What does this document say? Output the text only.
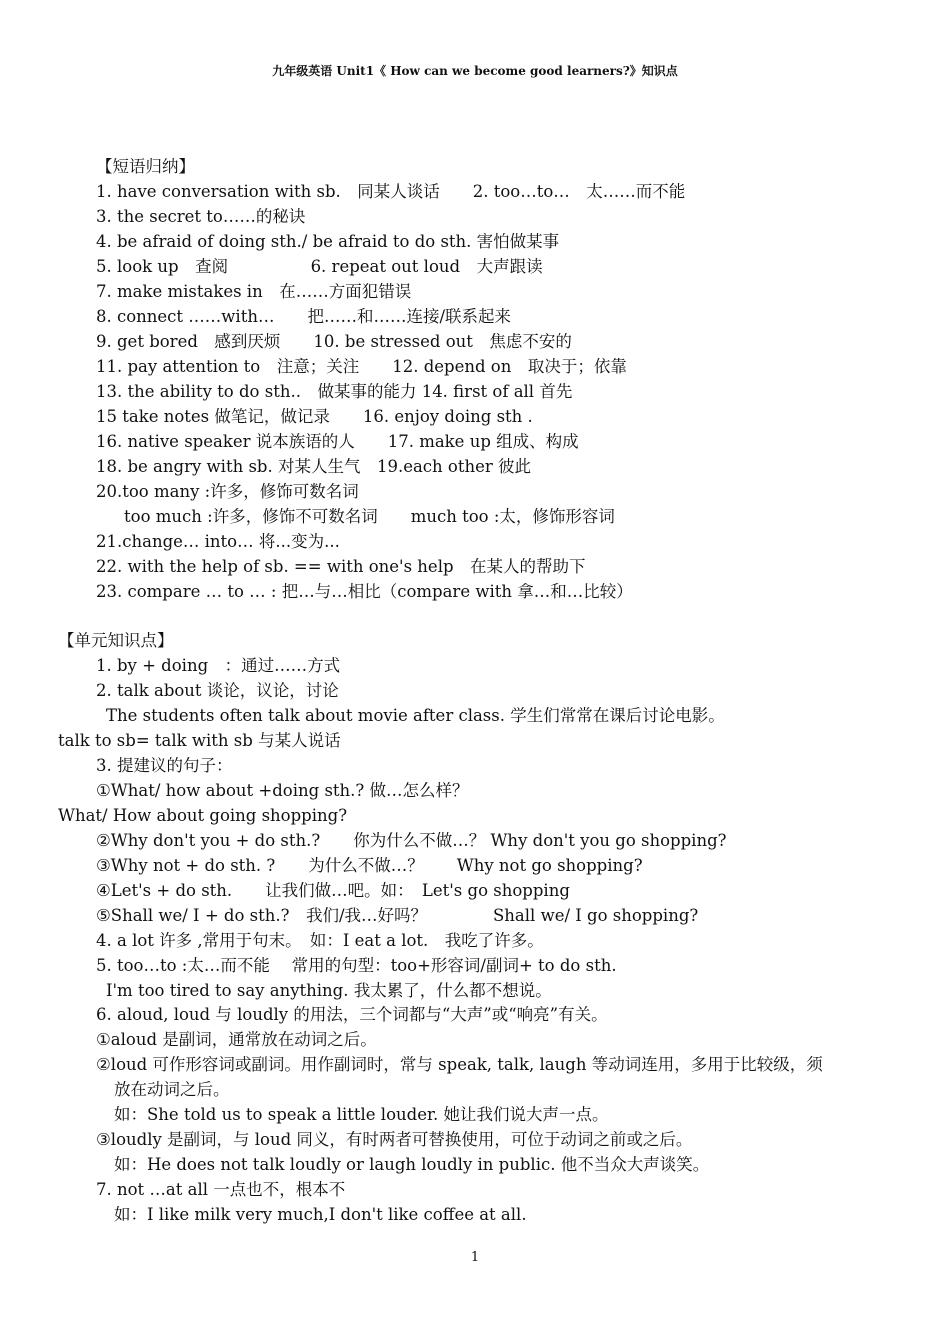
九年级英语 Unit1《 How can we become good learners?》知识点
【短语归纳】
1. have conversation with sb.　同某人谈话　　2. too…to…　太……而不能
3. the secret to……的秘诀
4. be afraid of doing sth./ be afraid to do sth. 害怕做某事
5. look up　查阅　　　　　6. repeat out loud　大声跟读
7. make mistakes in　在……方面犯错误
8. connect ……with…　　把……和……连接/联系起来
9. get bored　感到厌烦　　10. be stressed out　焦虑不安的
11. pay attention to　注意；关注　　12. depend on　取决于；依靠
13. the ability to do sth..　做某事的能力 14. first of all 首先
15 take notes 做笔记，做记录　　16. enjoy doing sth .
16. native speaker 说本族语的人　　17. make up 组成、构成
18. be angry with sb. 对某人生气　19.each other 彼此
20.too many :许多，修饰可数名词
too much :许多，修饰不可数名词　　much too :太，修饰形容词
21.change… into… 将...变为...
22. with the help of sb. == with one's help　在某人的帮助下
23. compare … to … : 把…与…相比（compare with 拿…和…比较）
【单元知识点】
1. by + doing　：通过……方式
2. talk about 谈论，议论，讨论
The students often talk about movie after class. 学生们常常在课后讨论电影。
talk to sb= talk with sb 与某人说话
3. 提建议的句子：
①What/ how about +doing sth.? 做…怎么样？
What/ How about going shopping?
②Why don't you + do sth.?　　你为什么不做…？ Why don't you go shopping?
③Why not + do sth. ?　　为什么不做…？　　Why not go shopping?
④Let's + do sth.　　让我们做…吧。如：　Let's go shopping
⑤Shall we/ I + do sth.?　我们/我…好吗？　　　　Shall we/ I go shopping?
4. a lot 许多 ,常用于句末。　如：I eat a lot.　我吃了许多。
5. too…to :太…而不能　 常用的句型：too+形容词/副词+ to do sth.
I'm too tired to say anything. 我太累了，什么都不想说。
6. aloud, loud 与 loudly 的用法，三个词都与“大声”或“响亮”有关。
①aloud 是副词，通常放在动词之后。
②loud 可作形容词或副词。用作副词时，常与 speak, talk, laugh 等动词连用，多用于比较级，须
放在动词之后。
如：She told us to speak a little louder. 她让我们说大声一点。
③loudly 是副词，与 loud 同义，有时两者可替换使用，可位于动词之前或之后。
如：He does not talk loudly or laugh loudly in public. 他不当众大声谈笑。
7. not …at all 一点也不，根本不
如：I like milk very much,I don't like coffee at all.
1
